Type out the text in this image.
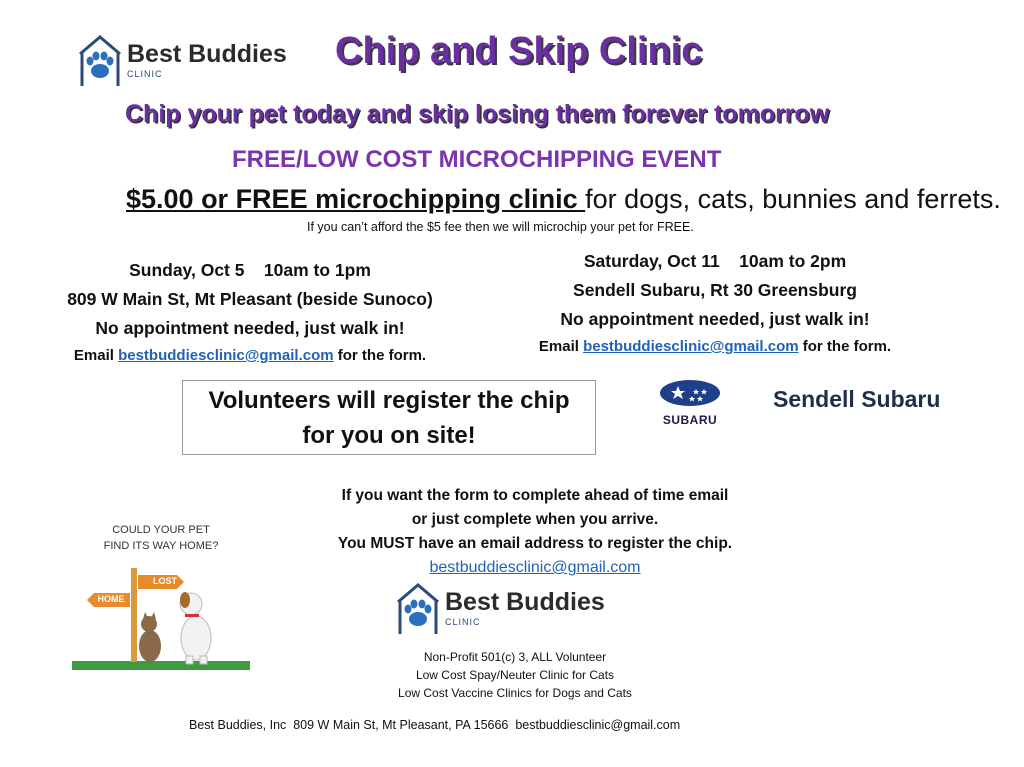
Best Buddies
CLINIC
Chip and Skip Clinic
Chip your pet today and skip losing them forever tomorrow
FREE/LOW COST MICROCHIPPING EVENT
$5.00 or FREE microchipping clinic for dogs, cats, bunnies and ferrets.
If you can’t afford the $5 fee then we will microchip your pet for FREE.
Sunday, Oct 5    10am to 1pm
809 W Main St, Mt Pleasant (beside Sunoco)
No appointment needed, just walk in!
Email bestbuddiesclinic@gmail.com for the form.
Saturday, Oct 11    10am to 2pm
Sendell Subaru, Rt 30 Greensburg
No appointment needed, just walk in!
Email bestbuddiesclinic@gmail.com for the form.
Volunteers will register the chip
for you on site!
SUBARU
Sendell Subaru
COULD YOUR PET
FIND ITS WAY HOME?
LOST
HOME
If you want the form to complete ahead of time email
or just complete when you arrive.
You MUST have an email address to register the chip.
bestbuddiesclinic@gmail.com
Best Buddies
CLINIC
Non-Profit 501(c) 3, ALL Volunteer
Low Cost Spay/Neuter Clinic for Cats
Low Cost Vaccine Clinics for Dogs and Cats
Best Buddies, Inc  809 W Main St, Mt Pleasant, PA 15666  bestbuddiesclinic@gmail.com
